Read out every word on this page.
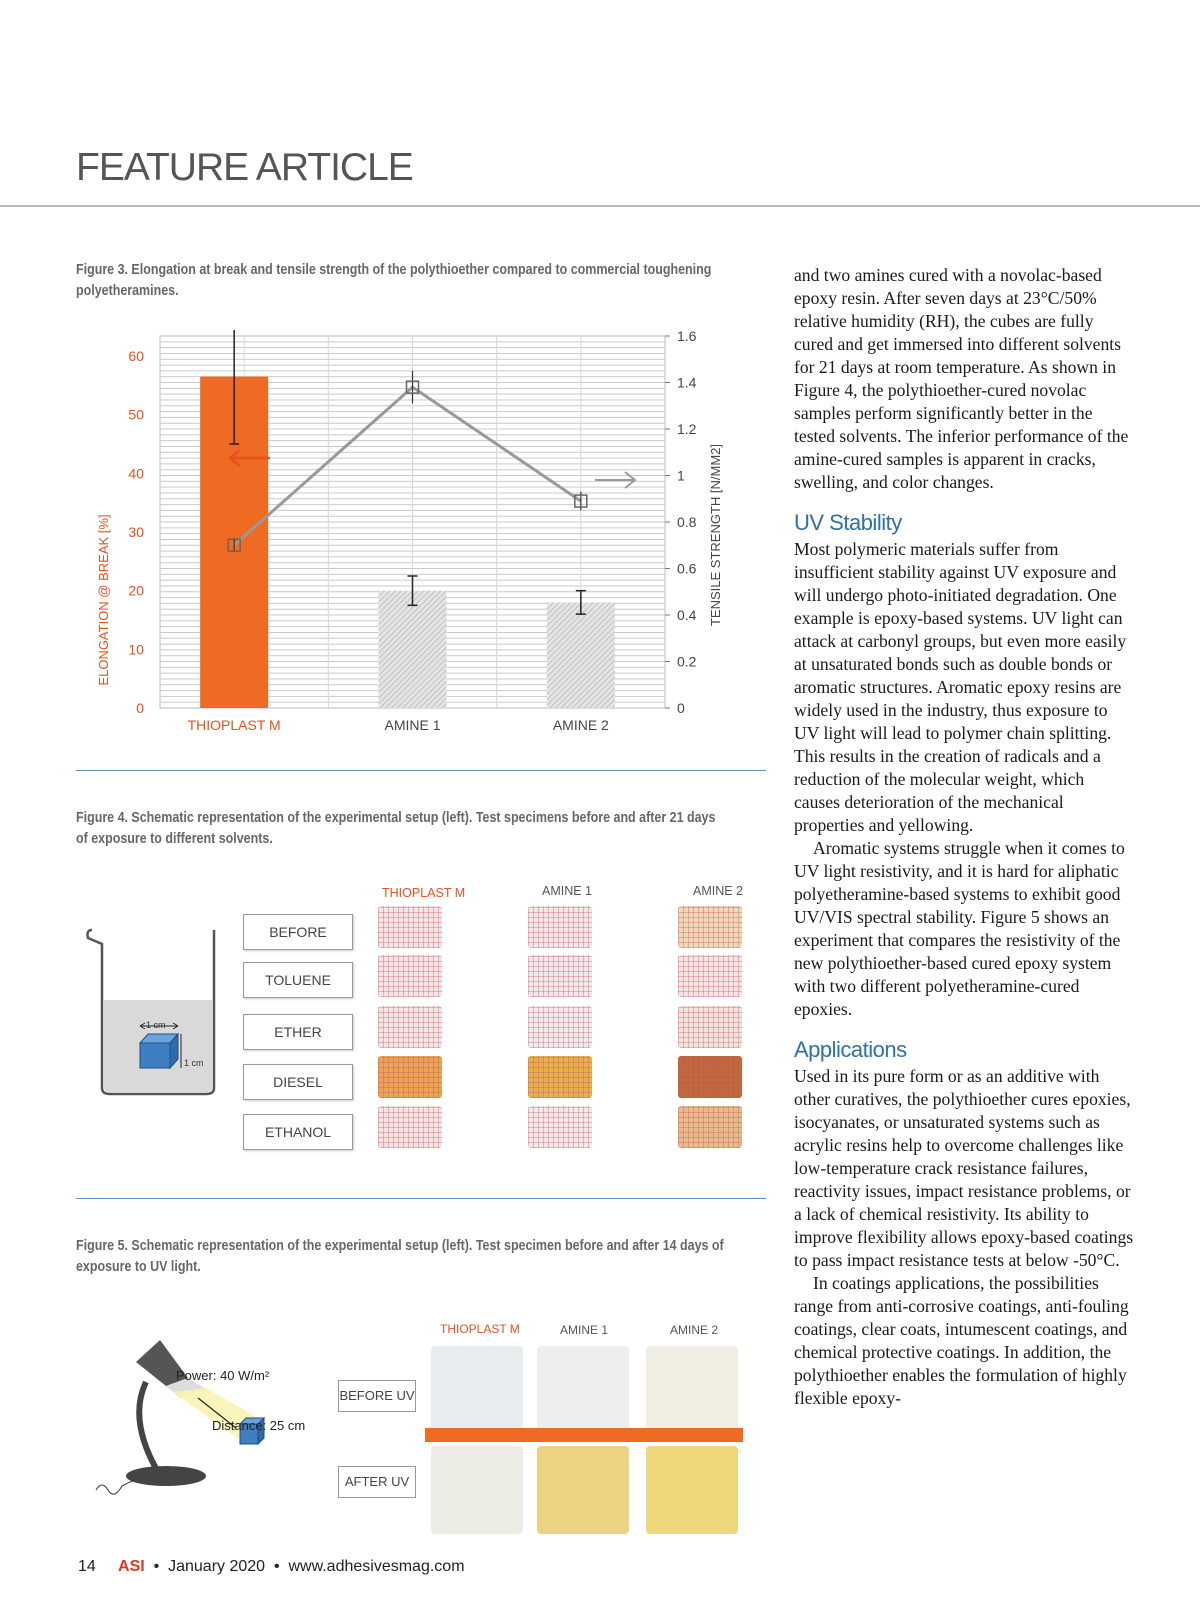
FEATURE ARTICLE
Figure 3. Elongation at break and tensile strength of the polythioether compared to commercial toughening polyetheramines.
THIOPLAST M	AMINE 1	AMINE 2
0
10
20
30
40
50
60
0
0.2
0.4
0.6
0.8
1
1.2
1.4
1.6
ELONGATION @ BREAK [%]	TENSILE STRENGTH [N/MM2]
Figure 4. Schematic representation of the experimental setup (left). Test specimens before and after 21 days of exposure to different solvents.
1 cm
1 cm
BEFORE
TOLUENE
ETHER
DIESEL
ETHANOL
THIOPLAST M	AMINE 1	AMINE 2
Figure 5. Schematic representation of the experimental setup (left). Test specimen before and after 14 days of exposure to UV light.
Power: 40 W/m²
Distance: 25 cm
BEFORE UV
AFTER UV
THIOPLAST M	AMINE 1	AMINE 2

and two amines cured with a novolac-based epoxy resin. After seven days at 23°C/50% relative humidity (RH), the cubes are fully cured and get immersed into different solvents for 21 days at room temperature. As shown in Figure 4, the polythioether-cured novolac samples perform significantly better in the tested solvents. The inferior performance of the amine-cured samples is apparent in cracks, swelling, and color changes.

UV Stability

Most polymeric materials suffer from insufficient stability against UV exposure and will undergo photo-initiated degradation. One example is epoxy-based systems. UV light can attack at carbonyl groups, but even more easily at unsaturated bonds such as double bonds or aromatic structures. Aromatic epoxy resins are widely used in the industry, thus exposure to UV light will lead to polymer chain splitting. This results in the creation of radicals and a reduction of the molecular weight, which causes deterioration of the mechanical properties and yellowing.

Aromatic systems struggle when it comes to UV light resistivity, and it is hard for aliphatic polyetheramine-based systems to exhibit good UV/VIS spectral stability. Figure 5 shows an experiment that compares the resistivity of the new polythioether-based cured epoxy system with two different polyetheramine-cured epoxies.

Applications

Used in its pure form or as an additive with other curatives, the polythioether cures epoxies, isocyanates, or unsaturated systems such as acrylic resins help to overcome challenges like low-temperature crack resistance failures, reactivity issues, impact resistance problems, or a lack of chemical resistivity. Its ability to improve flexibility allows epoxy-based coatings to pass impact resistance tests at below -50°C.

In coatings applications, the possibilities range from anti-corrosive coatings, anti-fouling coatings, clear coats, intumescent coatings, and chemical protective coatings. In addition, the polythioether enables the formulation of highly flexible epoxy-

14 ASI • January 2020 • www.adhesivesmag.com
